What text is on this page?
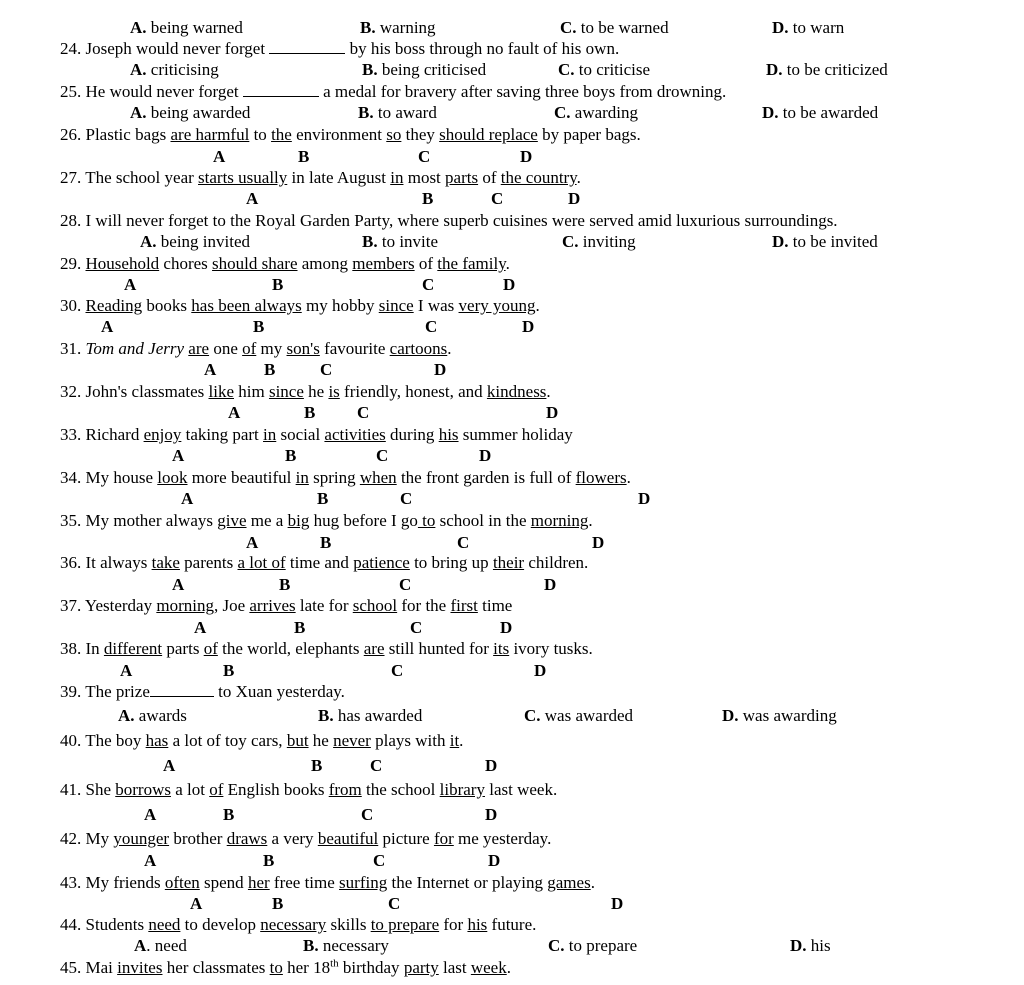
A. being warned	B. warning	C. to be warned	D. to warn
24. Joseph would never forget	by his boss through no fault of his own.
A. criticising	B. being criticised	C. to criticise	D. to be criticized
25. He would never forget	a medal for bravery after saving three boys from drowning.
A. being awarded	B. to award	C. awarding	D. to be awarded
26. Plastic bags are harmful to the environment so they should replace by paper bags.
A	B	C	D
27. The school year starts usually in late August in most parts of the country.
A	B	C	D
28. I will never forget to the Royal Garden Party, where superb cuisines were served amid luxurious surroundings.
A. being invited	B. to invite	C. inviting	D. to be invited
29. Household chores should share among members of the family.
A	B	C	D
30. Reading books has been always my hobby since I was very young.
A	B	C	D
31. Tom and Jerry are one of my son's favourite cartoons.
A	B	C	D
32. John's classmates like him since he is friendly, honest, and kindness.
A	B C	D
33. Richard enjoy taking part in social activities during his summer holiday
A	B	C	D
34. My house look more beautiful in spring when the front garden is full of flowers.
A	B	C	D
35. My mother always give me a big hug before I go to school in the morning.
A	B	C	D
36. It always take parents a lot of time and patience to bring up their children.
A	B	C	D
37. Yesterday morning, Joe arrives late for school for the first time
A	B	C	D
38. In different parts of the world, elephants are still hunted for its ivory tusks.
A	B	C	D
39. The prize	to Xuan yesterday.
A. awards	B. has awarded	C. was awarded	D. was awarding
40. The boy has a lot of toy cars, but he never plays with it.
A	B	C	D
41. She borrows a lot of English books from the school library last week.
A	B	C	D
42. My younger brother draws a very beautiful picture for me yesterday.
A	B	C	D
43. My friends often spend her free time surfing the Internet or playing games.
A	B	C	D
44. Students need to develop necessary skills to prepare for his future.
A. need	B. necessary	C. to prepare	D. his
45. Mai invites her classmates to her 18th birthday party last week.
